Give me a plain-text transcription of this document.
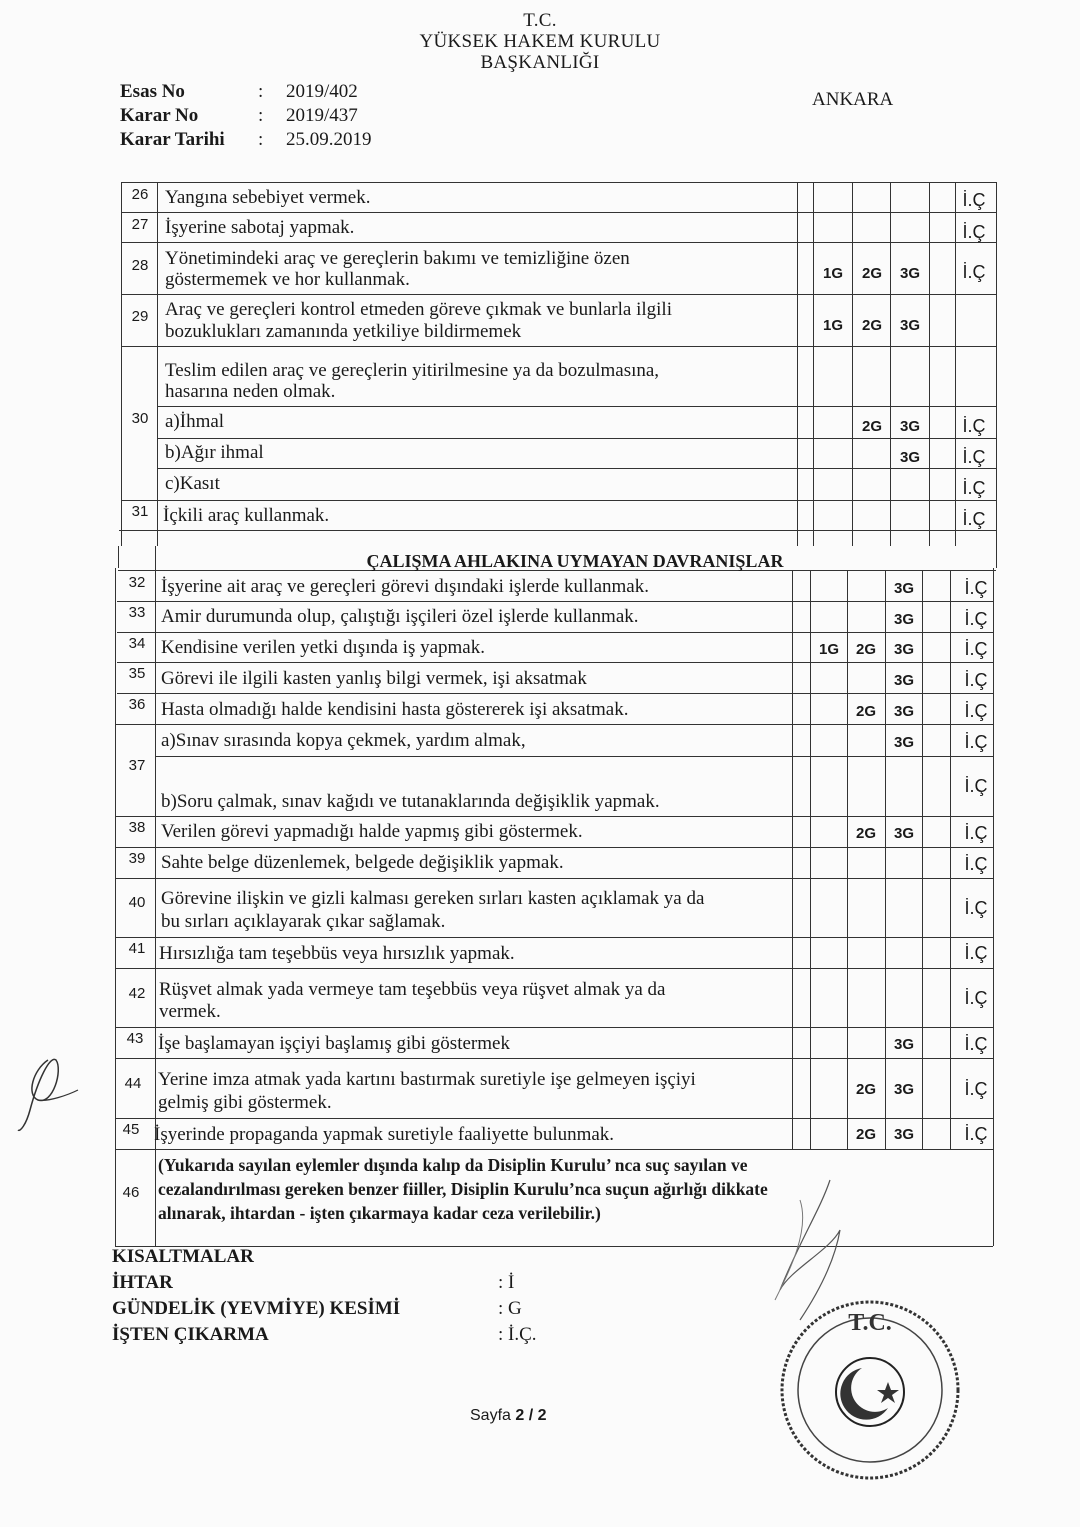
T.C.
YÜKSEK HAKEM KURULU
BAŞKANLIĞI
ANKARA
Esas No	:	2019/402
Karar No	:	2019/437
Karar Tarihi	:	25.09.2019
26 Yangına sebebiyet vermek.	İ.Ç
27 İşyerine sabotaj yapmak.	İ.Ç
28 Yönetimindeki araç ve gereçlerin bakımı ve temizliğine özen
göstermemek ve hor kullanmak.	1G	2G	3G	İ.Ç
29 Araç ve gereçleri kontrol etmeden göreve çıkmak ve bunlarla ilgili
bozuklukları zamanında yetkiliye bildirmemek	1G	2G	3G
30
Teslim edilen araç ve gereçlerin yitirilmesine ya da bozulmasına,
hasarına neden olmak.
a)İhmal	2G	3G	İ.Ç
b)Ağır ihmal	3G	İ.Ç
c)Kasıt	İ.Ç
31 İçkili araç kullanmak.	İ.Ç
ÇALIŞMA AHLAKINA UYMAYAN DAVRANIŞLAR
32 İşyerine ait araç ve gereçleri görevi dışındaki işlerde kullanmak.	3G	İ.Ç
33 Amir durumunda olup, çalıştığı işçileri özel işlerde kullanmak.	3G	İ.Ç
34 Kendisine verilen yetki dışında iş yapmak.	1G	2G	3G	İ.Ç
35 Görevi ile ilgili kasten yanlış bilgi vermek, işi aksatmak	3G	İ.Ç
36 Hasta olmadığı halde kendisini hasta göstererek işi aksatmak.	2G	3G	İ.Ç
37
a)Sınav sırasında kopya çekmek, yardım almak,	3G	İ.Ç
b)Soru çalmak, sınav kağıdı ve tutanaklarında değişiklik yapmak.
İ.Ç
38 Verilen görevi yapmadığı halde yapmış gibi göstermek.	2G	3G	İ.Ç
39 Sahte belge düzenlemek, belgede değişiklik yapmak.	İ.Ç
40 Görevine ilişkin ve gizli kalması gereken sırları kasten açıklamak ya da
bu sırları açıklayarak çıkar sağlamak.
İ.Ç
41 Hırsızlığa tam teşebbüs veya hırsızlık yapmak.	İ.Ç
42 Rüşvet almak yada vermeye tam teşebbüs veya rüşvet almak ya da
vermek.
İ.Ç
43 İşe başlamayan işçiyi başlamış gibi göstermek	3G	İ.Ç
44 Yerine imza atmak yada kartını bastırmak suretiyle işe gelmeyen işçiyi
gelmiş gibi göstermek.
2G	3G	İ.Ç
45 İşyerinde propaganda yapmak suretiyle faaliyette bulunmak.	2G	3G	İ.Ç
46
(Yukarıda sayılan eylemler dışında kalıp da Disiplin Kurulu’ nca suç sayılan ve
cezalandırılması gereken benzer fiiller, Disiplin Kurulu’nca suçun ağırlığı dikkate
alınarak, ihtardan - işten çıkarmaya kadar ceza verilebilir.)
KISALTMALAR
İHTAR	: İ
GÜNDELİK (YEVMİYE) KESİMİ	: G
İŞTEN ÇIKARMA	: İ.Ç.
Sayfa 2 / 2
T.C.
